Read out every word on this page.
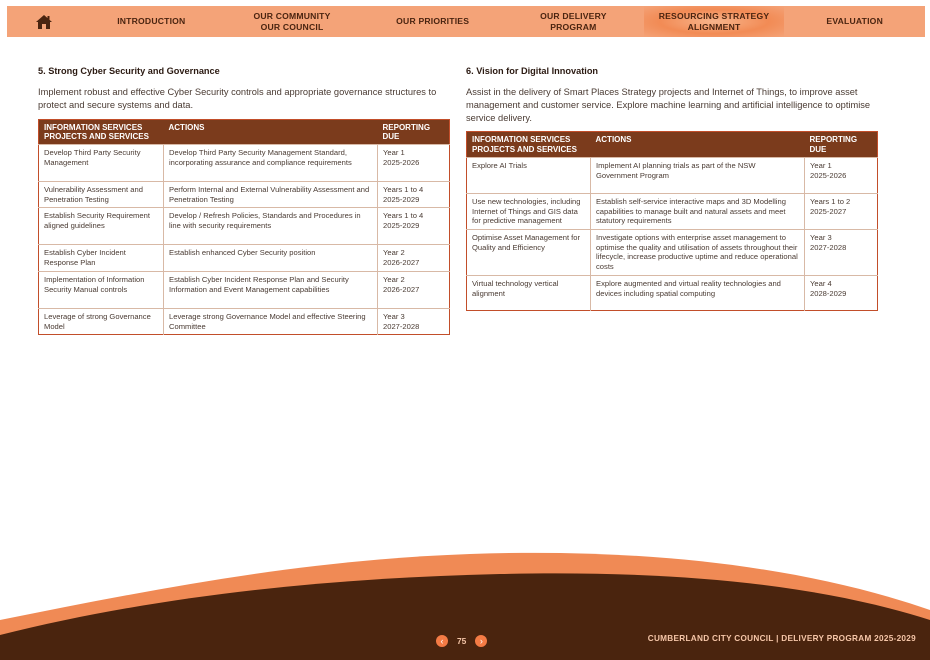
INTRODUCTION
OUR COMMUNITY
OUR COUNCIL
OUR PRIORITIES
OUR DELIVERY
PROGRAM
RESOURCING STRATEGY
ALIGNMENT
EVALUATION
5. Strong Cyber Security and Governance
Implement robust and effective Cyber Security controls and appropriate governance structures to protect and secure systems and data.
INFORMATION SERVICES PROJECTS AND SERVICES	ACTIONS	REPORTING DUE
Develop Third Party Security Management	Develop Third Party Security Management Standard, incorporating assurance and compliance requirements	Year 1
2025-2026

Vulnerability Assessment and Penetration Testing	Perform Internal and External Vulnerability Assessment and Penetration Testing	Years 1 to 4
2025-2029

Establish Security Requirement aligned guidelines	Develop / Refresh Policies, Standards and Procedures in line with security requirements	Years 1 to 4
2025-2029

Establish Cyber Incident Response Plan	Establish enhanced Cyber Security position	Year 2
2026-2027

Implementation of Information Security Manual controls	Establish Cyber Incident Response Plan and Security Information and Event Management capabilities	Year 2
2026-2027

Leverage of strong Governance Model	Leverage strong Governance Model and effective Steering Committee	Year 3
2027-2028
6. Vision for Digital Innovation
Assist in the delivery of Smart Places Strategy projects and Internet of Things, to improve asset management and customer service. Explore machine learning and artificial intelligence to optimise service delivery.
INFORMATION SERVICES PROJECTS AND SERVICES	ACTIONS	REPORTING DUE
Explore AI Trials	Implement AI planning trials as part of the NSW Government Program	Year 1
2025-2026

Use new technologies, including Internet of Things and GIS data for predictive management	Establish self-service interactive maps and 3D Modelling capabilities to manage built and natural assets and meet statutory requirements	Years 1 to 2
2025-2027

Optimise Asset Management for Quality and Efficiency	Investigate options with enterprise asset management to optimise the quality and utilisation of assets throughout their lifecycle, increase productive uptime and reduce operational costs	Year 3
2027-2028

Virtual technology vertical alignment	Explore augmented and virtual reality technologies and devices including spatial computing	Year 4
2028-2029
‹ 75 ›	CUMBERLAND CITY COUNCIL | DELIVERY PROGRAM 2025-2029
